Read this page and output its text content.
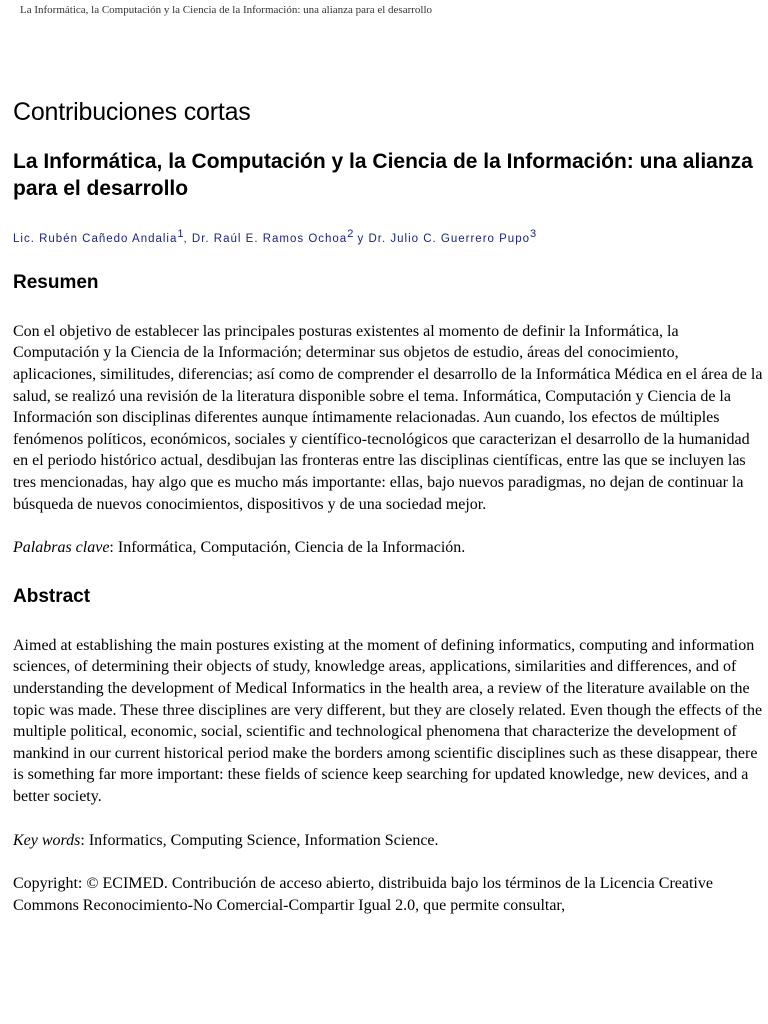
La Informática, la Computación y la Ciencia de la Información: una alianza para el desarrollo
Contribuciones cortas
La Informática, la Computación y la Ciencia de la Información: una alianza para el desarrollo
Lic. Rubén Cañedo Andalia$^1$, Dr. Raúl E. Ramos Ochoa$^2$ y Dr. Julio C. Guerrero Pupo$^3$
Resumen

Con el objetivo de establecer las principales posturas existentes al momento de definir la Informática, la Computación y la Ciencia de la Información; determinar sus objetos de estudio, áreas del conocimiento, aplicaciones, similitudes, diferencias; así como de comprender el desarrollo de la Informática Médica en el área de la salud, se realizó una revisión de la literatura disponible sobre el tema. Informática, Computación y Ciencia de la Información son disciplinas diferentes aunque íntimamente relacionadas. Aun cuando, los efectos de múltiples fenómenos políticos, económicos, sociales y científico-tecnológicos que caracterizan el desarrollo de la humanidad en el periodo histórico actual, desdibujan las fronteras entre las disciplinas científicas, entre las que se incluyen las tres mencionadas, hay algo que es mucho más importante: ellas, bajo nuevos paradigmas, no dejan de continuar la búsqueda de nuevos conocimientos, dispositivos y de una sociedad mejor.

Palabras clave: Informática, Computación, Ciencia de la Información.

Abstract

Aimed at establishing the main postures existing at the moment of defining informatics, computing and information sciences, of determining their objects of study, knowledge areas, applications, similarities and differences, and of understanding the development of Medical Informatics in the health area, a review of the literature available on the topic was made. These three disciplines are very different, but they are closely related. Even though the effects of the multiple political, economic, social, scientific and technological phenomena that characterize the development of mankind in our current historical period make the borders among scientific disciplines such as these disappear, there is something far more important: these fields of science keep searching for updated knowledge, new devices, and a better society.

Key words: Informatics, Computing Science, Information Science.

Copyright: © ECIMED. Contribución de acceso abierto, distribuida bajo los términos de la Licencia Creative Commons Reconocimiento-No Comercial-Compartir Igual 2.0, que permite consultar,
